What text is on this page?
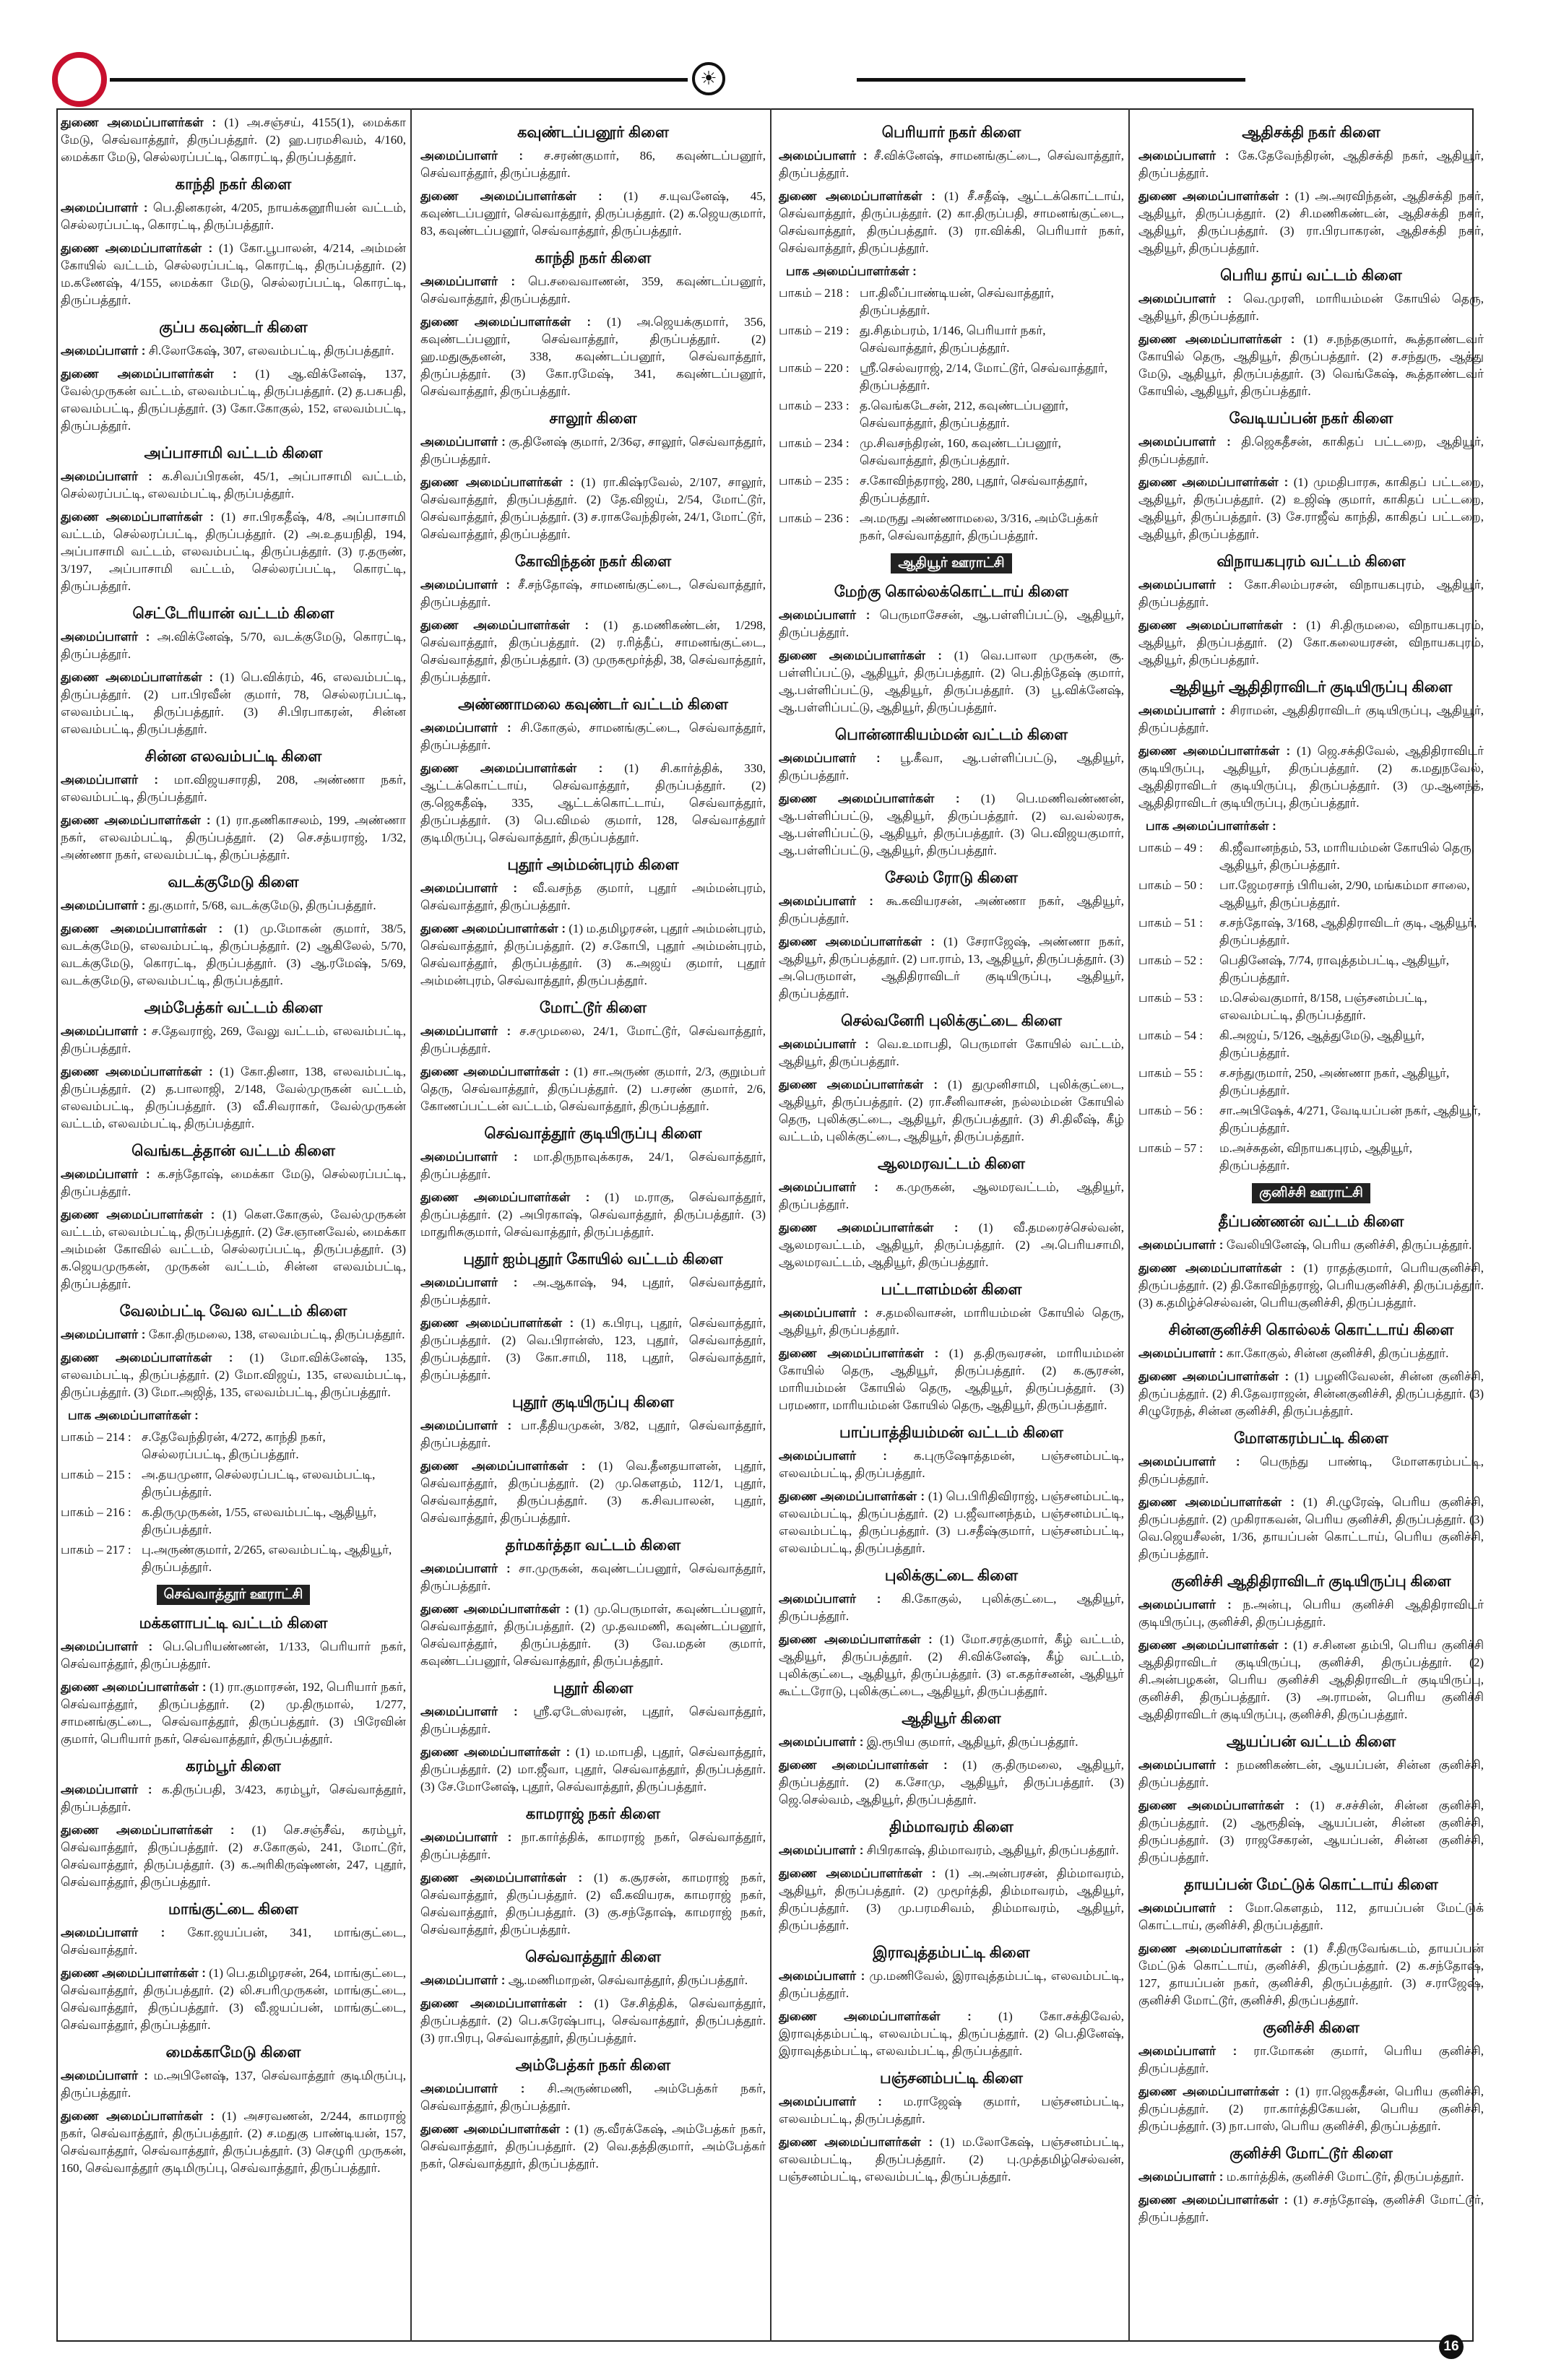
☀
துணை அமைப்பாளர்கள் : (1) அ.சஞ்சய், 4155(1), மைக்கா மேடு, செவ்வாத்தூர், திருப்பத்தூர். (2) ஹ.பரமசிவம், 4/160, மைக்கா மேடு, செல்லரப்பட்டி, கொரட்டி, திருப்பத்தூர்.
காந்தி நகர் கிளை
அமைப்பாளர் : பெ.தினகரன், 4/205, நாயக்கனூரியன் வட்டம், செல்லரப்பட்டி, கொரட்டி, திருப்பத்தூர்.
துணை அமைப்பாளர்கள் : (1) கோ.பூபாலன், 4/214, அம்மன் கோயில் வட்டம், செல்லரப்பட்டி, கொரட்டி, திருப்பத்தூர். (2) ம.கணேஷ், 4/155, மைக்கா மேடு, செல்லரப்பட்டி, கொரட்டி, திருப்பத்தூர்.
குப்ப கவுண்டர் கிளை
அமைப்பாளர் : சி.லோகேஷ், 307, எலவம்பட்டி, திருப்பத்தூர்.
துணை அமைப்பாளர்கள் : (1) ஆ.விக்னேஷ், 137, வேல்முருகன் வட்டம், எலவம்பட்டி, திருப்பத்தூர். (2) த.பசுபதி, எலவம்பட்டி, திருப்பத்தூர். (3) கோ.கோகுல், 152, எலவம்பட்டி, திருப்பத்தூர்.
அப்பாசாமி வட்டம் கிளை
அமைப்பாளர் : க.சிவப்பிரகன், 45/1, அப்பாசாமி வட்டம், செல்லரப்பட்டி, எலவம்பட்டி, திருப்பத்தூர்.
துணை அமைப்பாளர்கள் : (1) சா.பிரகதீஷ், 4/8, அப்பாசாமி வட்டம், செல்லரப்பட்டி, திருப்பத்தூர். (2) அ.உதயநிதி, 194, அப்பாசாமி வட்டம், எலவம்பட்டி, திருப்பத்தூர். (3) ர.தருண், 3/197, அப்பாசாமி வட்டம், செல்லரப்பட்டி, கொரட்டி, திருப்பத்தூர்.
செட்டேரியான் வட்டம் கிளை
அமைப்பாளர் : அ.விக்னேஷ், 5/70, வடக்குமேடு, கொரட்டி, திருப்பத்தூர்.
துணை அமைப்பாளர்கள் : (1) பெ.விக்ரம், 46, எலவம்பட்டி, திருப்பத்தூர். (2) பா.பிரவீன் குமார், 78, செல்லரப்பட்டி, எலவம்பட்டி, திருப்பத்தூர். (3) சி.பிரபாகரன், சின்ன எலவம்பட்டி, திருப்பத்தூர்.
சின்ன எலவம்பட்டி கிளை
அமைப்பாளர் : மா.விஜயசாரதி, 208, அண்ணா நகர், எலவம்பட்டி, திருப்பத்தூர்.
துணை அமைப்பாளர்கள் : (1) ரா.தணிகாசலம், 199, அண்ணா நகர், எலவம்பட்டி, திருப்பத்தூர். (2) செ.சத்யராஜ், 1/32, அண்ணா நகர், எலவம்பட்டி, திருப்பத்தூர்.
வடக்குமேடு கிளை
அமைப்பாளர் : து.குமார், 5/68, வடக்குமேடு, திருப்பத்தூர்.
துணை அமைப்பாளர்கள் : (1) மு.மோகன் குமார், 38/5, வடக்குமேடு, எலவம்பட்டி, திருப்பத்தூர். (2) ஆகிலேல், 5/70, வடக்குமேடு, கொரட்டி, திருப்பத்தூர். (3) ஆ.ரமேஷ், 5/69, வடக்குமேடு, எலவம்பட்டி, திருப்பத்தூர்.
அம்பேத்கர் வட்டம் கிளை
அமைப்பாளர் : ச.தேவராஜ், 269, வேலு வட்டம், எலவம்பட்டி, திருப்பத்தூர்.
துணை அமைப்பாளர்கள் : (1) கோ.தினா, 138, எலவம்பட்டி, திருப்பத்தூர். (2) த.பாலாஜி, 2/148, வேல்முருகன் வட்டம், எலவம்பட்டி, திருப்பத்தூர். (3) வீ.சிவராகர், வேல்முருகன் வட்டம், எலவம்பட்டி, திருப்பத்தூர்.
வெங்கடத்தான் வட்டம் கிளை
அமைப்பாளர் : க.சந்தோஷ், மைக்கா மேடு, செல்லரப்பட்டி, திருப்பத்தூர்.
துணை அமைப்பாளர்கள் : (1) கௌ.கோகுல், வேல்முருகன் வட்டம், எலவம்பட்டி, திருப்பத்தூர். (2) சே.ஞானவேல், மைக்கா அம்மன் கோவில் வட்டம், செல்லரப்பட்டி, திருப்பத்தூர். (3) க.ஜெயமுருகன், முருகன் வட்டம், சின்ன எலவம்பட்டி, திருப்பத்தூர்.
வேலம்பட்டி வேல வட்டம் கிளை
அமைப்பாளர் : கோ.திருமலை, 138, எலவம்பட்டி, திருப்பத்தூர்.
துணை அமைப்பாளர்கள் : (1) மோ.விக்னேஷ், 135, எலவம்பட்டி, திருப்பத்தூர். (2) மோ.விஜய், 135, எலவம்பட்டி, திருப்பத்தூர். (3) மோ.அஜித், 135, எலவம்பட்டி, திருப்பத்தூர்.
பாக அமைப்பாளர்கள் :
பாகம் – 214 : ச.தேவேந்திரன், 4/272, காந்தி நகர், செல்லரப்பட்டி, திருப்பத்தூர்.
பாகம் – 215 : அ.தயமுனா, செல்லரப்பட்டி, எலவம்பட்டி, திருப்பத்தூர்.
பாகம் – 216 : க.திருமுருகன், 1/55, எலவம்பட்டி, ஆதியூர், திருப்பத்தூர்.
பாகம் – 217 : பு.அருண்குமார், 2/265, எலவம்பட்டி, ஆதியூர், திருப்பத்தூர்.
செவ்வாத்தூர் ஊராட்சி
மக்களாபட்டி வட்டம் கிளை
அமைப்பாளர் : பெ.பெரியண்ணன், 1/133, பெரியார் நகர், செவ்வாத்தூர், திருப்பத்தூர்.
துணை அமைப்பாளர்கள் : (1) ரா.குமாரசன், 192, பெரியார் நகர், செவ்வாத்தூர், திருப்பத்தூர். (2) மு.திருமால், 1/277, சாமனங்குட்டை, செவ்வாத்தூர், திருப்பத்தூர். (3) பிரேவின் குமார், பெரியார் நகர், செவ்வாத்தூர், திருப்பத்தூர்.
கரம்பூர் கிளை
அமைப்பாளர் : க.திருப்பதி, 3/423, கரம்பூர், செவ்வாத்தூர், திருப்பத்தூர்.
துணை அமைப்பாளர்கள் : (1) செ.சஞ்சீவ், கரம்பூர், செவ்வாத்தூர், திருப்பத்தூர். (2) ச.கோகுல், 241, மோட்டூர், செவ்வாத்தூர், திருப்பத்தூர். (3) க.அரிகிருஷ்ணன், 247, புதூர், செவ்வாத்தூர், திருப்பத்தூர்.
மாங்குட்டை கிளை
அமைப்பாளர் : கோ.ஜயப்பன், 341, மாங்குட்டை, செவ்வாத்தூர்.
துணை அமைப்பாளர்கள் : (1) பெ.தமிழரசன், 264, மாங்குட்டை, செவ்வாத்தூர், திருப்பத்தூர். (2) லி.சபரிமுருகன், மாங்குட்டை, செவ்வாத்தூர், திருப்பத்தூர். (3) வீ.ஜயப்பன், மாங்குட்டை, செவ்வாத்தூர், திருப்பத்தூர்.
மைக்காமேடு கிளை
அமைப்பாளர் : ம.அபினேஷ், 137, செவ்வாத்தூர் குடிமிருப்பு, திருப்பத்தூர்.
துணை அமைப்பாளர்கள் : (1) அசரவணன், 2/244, காமராஜ் நகர், செவ்வாத்தூர், திருப்பத்தூர். (2) ச.மதுகு பாண்டியன், 157, செவ்வாத்தூர், செவ்வாத்தூர், திருப்பத்தூர். (3) செழுரி முருகன், 160, செவ்வாத்தூர் குடிமிருப்பு, செவ்வாத்தூர், திருப்பத்தூர்.
கவுண்டப்பனூர் கிளை
அமைப்பாளர் : ச.சரண்குமார், 86, கவுண்டப்பனூர், செவ்வாத்தூர், திருப்பத்தூர்.
துணை அமைப்பாளர்கள் : (1) ச.யுவனேஷ், 45, கவுண்டப்பனூர், செவ்வாத்தூர், திருப்பத்தூர். (2) க.ஜெயகுமார், 83, கவுண்டப்பனூர், செவ்வாத்தூர், திருப்பத்தூர்.
காந்தி நகர் கிளை
அமைப்பாளர் : பெ.சவைவாணன், 359, கவுண்டப்பனூர், செவ்வாத்தூர், திருப்பத்தூர்.
துணை அமைப்பாளர்கள் : (1) அ.ஜெயக்குமார், 356, கவுண்டப்பனூர், செவ்வாத்தூர், திருப்பத்தூர். (2) ஹ.மதுசூதனன், 338, கவுண்டப்பனூர், செவ்வாத்தூர், திருப்பத்தூர். (3) கோ.ரமேஷ், 341, கவுண்டப்பனூர், செவ்வாத்தூர், திருப்பத்தூர்.
சாலூர் கிளை
அமைப்பாளர் : கு.தினேஷ் குமார், 2/36ஏ, சாலூர், செவ்வாத்தூர், திருப்பத்தூர்.
துணை அமைப்பாளர்கள் : (1) ரா.கிஷ்ரவேல், 2/107, சாலூர், செவ்வாத்தூர், திருப்பத்தூர். (2) தே.விஜய், 2/54, மோட்டூர், செவ்வாத்தூர், திருப்பத்தூர். (3) ச.ராகவேந்திரன், 24/1, மோட்டூர், செவ்வாத்தூர், திருப்பத்தூர்.
கோவிந்தன் நகர் கிளை
அமைப்பாளர் : சீ.சந்தோஷ், சாமனங்குட்டை, செவ்வாத்தூர், திருப்பத்தூர்.
துணை அமைப்பாளர்கள் : (1) த.மணிகண்டன், 1/298, செவ்வாத்தூர், திருப்பத்தூர். (2) ர.ரித்தீப், சாமனங்குட்டை, செவ்வாத்தூர், திருப்பத்தூர். (3) முருகமூர்த்தி, 38, செவ்வாத்தூர், திருப்பத்தூர்.
அண்ணாமலை கவுண்டர் வட்டம் கிளை
அமைப்பாளர் : சி.கோகுல், சாமனங்குட்டை, செவ்வாத்தூர், திருப்பத்தூர்.
துணை அமைப்பாளர்கள் : (1) சி.கார்த்திக், 330, ஆட்டக்கொட்டாய், செவ்வாத்தூர், திருப்பத்தூர். (2) கு.ஜெகதீஷ், 335, ஆட்டக்கொட்டாய், செவ்வாத்தூர், திருப்பத்தூர். (3) பெ.விமல் குமார், 128, செவ்வாத்தூர் குடிமிருப்பு, செவ்வாத்தூர், திருப்பத்தூர்.
புதூர் அம்மன்புரம் கிளை
அமைப்பாளர் : வீ.வசந்த குமார், புதூர் அம்மன்புரம், செவ்வாத்தூர், திருப்பத்தூர்.
துணை அமைப்பாளர்கள் : (1) ம.தமிழரசன், புதூர் அம்மன்புரம், செவ்வாத்தூர், திருப்பத்தூர். (2) ச.கோபி, புதூர் அம்மன்புரம், செவ்வாத்தூர், திருப்பத்தூர். (3) க.அஜய் குமார், புதூர் அம்மன்புரம், செவ்வாத்தூர், திருப்பத்தூர்.
மோட்டூர் கிளை
அமைப்பாளர் : ச.சமுமலை, 24/1, மோட்டூர், செவ்வாத்தூர், திருப்பத்தூர்.
துணை அமைப்பாளர்கள் : (1) சா.அருண் குமார், 2/3, குறும்பர் தெரு, செவ்வாத்தூர், திருப்பத்தூர். (2) ப.சரண் குமார், 2/6, கோணப்பட்டன் வட்டம், செவ்வாத்தூர், திருப்பத்தூர்.
செவ்வாத்தூர் குடியிருப்பு கிளை
அமைப்பாளர் : மா.திருநாவுக்கரசு, 24/1, செவ்வாத்தூர், திருப்பத்தூர்.
துணை அமைப்பாளர்கள் : (1) ம.ராகு, செவ்வாத்தூர், திருப்பத்தூர். (2) அபிரகாஷ், செவ்வாத்தூர், திருப்பத்தூர். (3) மாதுரிசுகுமார், செவ்வாத்தூர், திருப்பத்தூர்.
புதூர் ஐம்புதூர் கோயில் வட்டம் கிளை
அமைப்பாளர் : அ.ஆகாஷ், 94, புதூர், செவ்வாத்தூர், திருப்பத்தூர்.
துணை அமைப்பாளர்கள் : (1) க.பிரபு, புதூர், செவ்வாத்தூர், திருப்பத்தூர். (2) வெ.பிரான்ஸ், 123, புதூர், செவ்வாத்தூர், திருப்பத்தூர். (3) கோ.சாமி, 118, புதூர், செவ்வாத்தூர், திருப்பத்தூர்.
புதூர் குடியிருப்பு கிளை
அமைப்பாளர் : பா.தீதியமுகன், 3/82, புதூர், செவ்வாத்தூர், திருப்பத்தூர்.
துணை அமைப்பாளர்கள் : (1) வெ.தீனதயாளன், புதூர், செவ்வாத்தூர், திருப்பத்தூர். (2) மு.கௌதம், 112/1, புதூர், செவ்வாத்தூர், திருப்பத்தூர். (3) க.சிவபாலன், புதூர், செவ்வாத்தூர், திருப்பத்தூர்.
தர்மகர்த்தா வட்டம் கிளை
அமைப்பாளர் : சா.முருகன், கவுண்டப்பனூர், செவ்வாத்தூர், திருப்பத்தூர்.
துணை அமைப்பாளர்கள் : (1) மு.பெருமாள், கவுண்டப்பனூர், செவ்வாத்தூர், திருப்பத்தூர். (2) மு.தவமணி, கவுண்டப்பனூர், செவ்வாத்தூர், திருப்பத்தூர். (3) வே.மதன் குமார், கவுண்டப்பனூர், செவ்வாத்தூர், திருப்பத்தூர்.
புதூர் கிளை
அமைப்பாளர் : ஸ்ரீ.ஏடேஸ்வரன், புதூர், செவ்வாத்தூர், திருப்பத்தூர்.
துணை அமைப்பாளர்கள் : (1) ம.மாபதி, புதூர், செவ்வாத்தூர், திருப்பத்தூர். (2) மா.ஜீவா, புதூர், செவ்வாத்தூர், திருப்பத்தூர். (3) சே.மோனேஷ், புதூர், செவ்வாத்தூர், திருப்பத்தூர்.
காமராஜ் நகர் கிளை
அமைப்பாளர் : நா.கார்த்திக், காமராஜ் நகர், செவ்வாத்தூர், திருப்பத்தூர்.
துணை அமைப்பாளர்கள் : (1) க.சூரசன், காமராஜ் நகர், செவ்வாத்தூர், திருப்பத்தூர். (2) வீ.கவியரசு, காமராஜ் நகர், செவ்வாத்தூர், திருப்பத்தூர். (3) கு.சந்தோஷ், காமராஜ் நகர், செவ்வாத்தூர், திருப்பத்தூர்.
செவ்வாத்தூர் கிளை
அமைப்பாளர் : ஆ.மணிமாறன், செவ்வாத்தூர், திருப்பத்தூர்.
துணை அமைப்பாளர்கள் : (1) சே.சித்திக், செவ்வாத்தூர், திருப்பத்தூர். (2) பெ.சுரேஷ்பாபு, செவ்வாத்தூர், திருப்பத்தூர். (3) ரா.பிரபு, செவ்வாத்தூர், திருப்பத்தூர்.
அம்பேத்கர் நகர் கிளை
அமைப்பாளர் : சி.அருண்மணி, அம்பேத்கர் நகர், செவ்வாத்தூர், திருப்பத்தூர்.
துணை அமைப்பாளர்கள் : (1) கு.வீரக்கேஷ், அம்பேத்கர் நகர், செவ்வாத்தூர், திருப்பத்தூர். (2) வெ.தத்திகுமார், அம்பேத்கர் நகர், செவ்வாத்தூர், திருப்பத்தூர்.
பெரியார் நகர் கிளை
அமைப்பாளர் : சீ.விக்னேஷ், சாமனங்குட்டை, செவ்வாத்தூர், திருப்பத்தூர்.
துணை அமைப்பாளர்கள் : (1) சீ.சதீஷ், ஆட்டக்கொட்டாய், செவ்வாத்தூர், திருப்பத்தூர். (2) கா.திருப்பதி, சாமனங்குட்டை, செவ்வாத்தூர், திருப்பத்தூர். (3) ரா.விக்கி, பெரியார் நகர், செவ்வாத்தூர், திருப்பத்தூர்.
பாக அமைப்பாளர்கள் :
பாகம் – 218 : பா.திலீப்பாண்டியன், செவ்வாத்தூர், திருப்பத்தூர்.
பாகம் – 219 : து.சிதம்பரம், 1/146, பெரியார் நகர், செவ்வாத்தூர், திருப்பத்தூர்.
பாகம் – 220 : ஸ்ரீ.செல்வராஜ், 2/14, மோட்டூர், செவ்வாத்தூர், திருப்பத்தூர்.
பாகம் – 233 : த.வெங்கடேசன், 212, கவுண்டப்பனூர், செவ்வாத்தூர், திருப்பத்தூர்.
பாகம் – 234 : மு.சிவசந்திரன், 160, கவுண்டப்பனூர், செவ்வாத்தூர், திருப்பத்தூர்.
பாகம் – 235 : ச.கோவிந்தராஜ், 280, புதூர், செவ்வாத்தூர், திருப்பத்தூர்.
பாகம் – 236 : அ.மருது அண்ணாமலை, 3/316, அம்பேத்கர் நகர், செவ்வாத்தூர், திருப்பத்தூர்.
ஆதியூர் ஊராட்சி
மேற்கு கொல்லக்கொட்டாய் கிளை
அமைப்பாளர் : பெருமாசேசன், ஆ.பள்ளிப்பட்டு, ஆதியூர், திருப்பத்தூர்.
துணை அமைப்பாளர்கள் : (1) வெ.பாலா முருகன், சூ. பள்ளிப்பட்டு, ஆதியூர், திருப்பத்தூர். (2) பெ.திந்தேஷ் குமார், ஆ.பள்ளிப்பட்டு, ஆதியூர், திருப்பத்தூர். (3) பூ.விக்னேஷ், ஆ.பள்ளிப்பட்டு, ஆதியூர், திருப்பத்தூர்.
பொன்னாகியம்மன் வட்டம் கிளை
அமைப்பாளர் : பூ.கீவா, ஆ.பள்ளிப்பட்டு, ஆதியூர், திருப்பத்தூர்.
துணை அமைப்பாளர்கள் : (1) பெ.மணிவண்ணன், ஆ.பள்ளிப்பட்டு, ஆதியூர், திருப்பத்தூர். (2) வ.வல்லரசு, ஆ.பள்ளிப்பட்டு, ஆதியூர், திருப்பத்தூர். (3) பெ.விஜயகுமார், ஆ.பள்ளிப்பட்டு, ஆதியூர், திருப்பத்தூர்.
சேலம் ரோடு கிளை
அமைப்பாளர் : கூ.கவியரசன், அண்ணா நகர், ஆதியூர், திருப்பத்தூர்.
துணை அமைப்பாளர்கள் : (1) சேராஜேஷ், அண்ணா நகர், ஆதியூர், திருப்பத்தூர். (2) பா.ராம், 13, ஆதியூர், திருப்பத்தூர். (3) அ.பெருமாள், ஆதிதிராவிடர் குடியிருப்பு, ஆதியூர், திருப்பத்தூர்.
செல்வனேரி புலிக்குட்டை கிளை
அமைப்பாளர் : வெ.உமாபதி, பெருமாள் கோயில் வட்டம், ஆதியூர், திருப்பத்தூர்.
துணை அமைப்பாளர்கள் : (1) துமுனிசாமி, புலிக்குட்டை, ஆதியூர், திருப்பத்தூர். (2) ரா.சீனிவாசன், நல்லம்மன் கோயில் தெரு, புலிக்குட்டை, ஆதியூர், திருப்பத்தூர். (3) சி.திலீஷ், கீழ் வட்டம், புலிக்குட்டை, ஆதியூர், திருப்பத்தூர்.
ஆலமரவட்டம் கிளை
அமைப்பாளர் : க.முருகன், ஆலமரவட்டம், ஆதியூர், திருப்பத்தூர்.
துணை அமைப்பாளர்கள் : (1) வீ.தமரைச்செல்வன், ஆலமரவட்டம், ஆதியூர், திருப்பத்தூர். (2) அ.பெரியசாமி, ஆலமரவட்டம், ஆதியூர், திருப்பத்தூர்.
பட்டாளம்மன் கிளை
அமைப்பாளர் : ச.தமலிவாசன், மாரியம்மன் கோயில் தெரு, ஆதியூர், திருப்பத்தூர்.
துணை அமைப்பாளர்கள் : (1) த.திருவரசன், மாரியம்மன் கோயில் தெரு, ஆதியூர், திருப்பத்தூர். (2) க.சூரசன், மாரியம்மன் கோயில் தெரு, ஆதியூர், திருப்பத்தூர். (3) பரமணா, மாரியம்மன் கோயில் தெரு, ஆதியூர், திருப்பத்தூர்.
பாப்பாத்தியம்மன் வட்டம் கிளை
அமைப்பாளர் : க.புருஷோத்தமன், பஞ்சனம்பட்டி, எலவம்பட்டி, திருப்பத்தூர்.
துணை அமைப்பாளர்கள் : (1) பெ.பிரிதிவிராஜ், பஞ்சனம்பட்டி, எலவம்பட்டி, திருப்பத்தூர். (2) ப.ஜீவானந்தம், பஞ்சனம்பட்டி, எலவம்பட்டி, திருப்பத்தூர். (3) ப.சதீஷ்குமார், பஞ்சனம்பட்டி, எலவம்பட்டி, திருப்பத்தூர்.
புலிக்குட்டை கிளை
அமைப்பாளர் : கி.கோகுல், புலிக்குட்டை, ஆதியூர், திருப்பத்தூர்.
துணை அமைப்பாளர்கள் : (1) மோ.சரத்குமார், கீழ் வட்டம், ஆதியூர், திருப்பத்தூர். (2) சி.விக்னேஷ், கீழ் வட்டம், புலிக்குட்டை, ஆதியூர், திருப்பத்தூர். (3) எ.கதர்சனன், ஆதியூர் கூட்டரோடு, புலிக்குட்டை, ஆதியூர், திருப்பத்தூர்.
ஆதியூர் கிளை
அமைப்பாளர் : இ.ரூபிய குமார், ஆதியூர், திருப்பத்தூர்.
துணை அமைப்பாளர்கள் : (1) கு.திருமலை, ஆதியூர், திருப்பத்தூர். (2) க.சோமு, ஆதியூர், திருப்பத்தூர். (3) ஜெ.செல்வம், ஆதியூர், திருப்பத்தூர்.
திம்மாவரம் கிளை
அமைப்பாளர் : சிபிரகாஷ், திம்மாவரம், ஆதியூர், திருப்பத்தூர்.
துணை அமைப்பாளர்கள் : (1) அ.அன்பரசன், திம்மாவரம், ஆதியூர், திருப்பத்தூர். (2) முமூர்த்தி, திம்மாவரம், ஆதியூர், திருப்பத்தூர். (3) மு.பரமசிவம், திம்மாவரம், ஆதியூர், திருப்பத்தூர்.
இராவுத்தம்பட்டி கிளை
அமைப்பாளர் : மு.மணிவேல், இராவுத்தம்பட்டி, எலவம்பட்டி, திருப்பத்தூர்.
துணை அமைப்பாளர்கள் : (1) கோ.சக்திவேல், இராவுத்தம்பட்டி, எலவம்பட்டி, திருப்பத்தூர். (2) பெ.தினேஷ், இராவுத்தம்பட்டி, எலவம்பட்டி, திருப்பத்தூர்.
பஞ்சனம்பட்டி கிளை
அமைப்பாளர் : ம.ராஜேஷ் குமார், பஞ்சனம்பட்டி, எலவம்பட்டி, திருப்பத்தூர்.
துணை அமைப்பாளர்கள் : (1) ம.லோகேஷ், பஞ்சனம்பட்டி, எலவம்பட்டி, திருப்பத்தூர். (2) பு.முத்தமிழ்செல்வன், பஞ்சனம்பட்டி, எலவம்பட்டி, திருப்பத்தூர்.
ஆதிசக்தி நகர் கிளை
அமைப்பாளர் : கே.தேவேந்திரன், ஆதிசக்தி நகர், ஆதியூர், திருப்பத்தூர்.
துணை அமைப்பாளர்கள் : (1) அ.அரவிந்தன், ஆதிசக்தி நகர், ஆதியூர், திருப்பத்தூர். (2) சி.மணிகண்டன், ஆதிசக்தி நகர், ஆதியூர், திருப்பத்தூர். (3) ரா.பிரபாகரன், ஆதிசக்தி நகர், ஆதியூர், திருப்பத்தூர்.
பெரிய தாய் வட்டம் கிளை
அமைப்பாளர் : வெ.முரளி, மாரியம்மன் கோயில் தெரு, ஆதியூர், திருப்பத்தூர்.
துணை அமைப்பாளர்கள் : (1) ச.நந்தகுமார், கூத்தாண்டவர் கோயில் தெரு, ஆதியூர், திருப்பத்தூர். (2) ச.சந்துரு, ஆத்து மேடு, ஆதியூர், திருப்பத்தூர். (3) வெங்கேஷ், கூத்தாண்டவர் கோயில், ஆதியூர், திருப்பத்தூர்.
வேடியப்பன் நகர் கிளை
அமைப்பாளர் : தி.ஜெகதீசன், காகிதப் பட்டறை, ஆதியூர், திருப்பத்தூர்.
துணை அமைப்பாளர்கள் : (1) முமதிபாரசு, காகிதப் பட்டறை, ஆதியூர், திருப்பத்தூர். (2) உஜிஷ் குமார், காகிதப் பட்டறை, ஆதியூர், திருப்பத்தூர். (3) சே.ராஜீவ் காந்தி, காகிதப் பட்டறை, ஆதியூர், திருப்பத்தூர்.
விநாயகபுரம் வட்டம் கிளை
அமைப்பாளர் : கோ.சிலம்பரசன், விநாயகபுரம், ஆதியூர், திருப்பத்தூர்.
துணை அமைப்பாளர்கள் : (1) சி.திருமலை, விநாயகபுரம், ஆதியூர், திருப்பத்தூர். (2) கோ.கலையரசன், விநாயகபுரம், ஆதியூர், திருப்பத்தூர்.
ஆதியூர் ஆதிதிராவிடர் குடியிருப்பு கிளை
அமைப்பாளர் : சிராமன், ஆதிதிராவிடர் குடியிருப்பு, ஆதியூர், திருப்பத்தூர்.
துணை அமைப்பாளர்கள் : (1) ஜெ.சக்திவேல், ஆதிதிராவிடர் குடியிருப்பு, ஆதியூர், திருப்பத்தூர். (2) க.மதுநவேல், ஆதிதிராவிடர் குடியிருப்பு, திருப்பத்தூர். (3) மு.ஆனந்த், ஆதிதிராவிடர் குடியிருப்பு, திருப்பத்தூர்.
பாக அமைப்பாளர்கள் :
பாகம் – 49 :	கி.ஜீவானந்தம், 53, மாரியம்மன் கோயில் தெரு, ஆதியூர், திருப்பத்தூர்.
பாகம் – 50 :	பா.ஜேமரசாந் பிரியன், 2/90, மங்கம்மா சாலை, ஆதியூர், திருப்பத்தூர்.
பாகம் – 51 :	ச.சந்தோஷ், 3/168, ஆதிதிராவிடர் குடி, ஆதியூர், திருப்பத்தூர்.
பாகம் – 52 :	பெதினேஷ், 7/74, ராவுத்தம்பட்டி, ஆதியூர், திருப்பத்தூர்.
பாகம் – 53 :	ம.செல்வகுமார், 8/158, பஞ்சனம்பட்டி, எலவம்பட்டி, திருப்பத்தூர்.
பாகம் – 54 :	கி.அஜய், 5/126, ஆத்துமேடு, ஆதியூர், திருப்பத்தூர்.
பாகம் – 55 :	ச.சந்துருமார், 250, அண்ணா நகர், ஆதியூர், திருப்பத்தூர்.
பாகம் – 56 :	சா.அபிஷேக், 4/271, வேடியப்பன் நகர், ஆதியூர், திருப்பத்தூர்.
பாகம் – 57 :	ம.அச்சுதன், விநாயகபுரம், ஆதியூர், திருப்பத்தூர்.
குனிச்சி ஊராட்சி
தீப்பண்ணன் வட்டம் கிளை
அமைப்பாளர் : வேலியினேஷ், பெரிய குனிச்சி, திருப்பத்தூர்.
துணை அமைப்பாளர்கள் : (1) ராதத்குமார், பெரியகுனிச்சி, திருப்பத்தூர். (2) தி.கோவிந்தராஜ், பெரியகுனிச்சி, திருப்பத்தூர். (3) க.தமிழ்ச்செல்வன், பெரியகுனிச்சி, திருப்பத்தூர்.
சின்னகுனிச்சி கொல்லக் கொட்டாய் கிளை
அமைப்பாளர் : கா.கோகுல், சின்ன குனிச்சி, திருப்பத்தூர்.
துணை அமைப்பாளர்கள் : (1) பழனிவேலன், சின்ன குனிச்சி, திருப்பத்தூர். (2) சி.தேவராஜன், சின்னகுனிச்சி, திருப்பத்தூர். (3) சிழுரேநத், சின்ன குனிச்சி, திருப்பத்தூர்.
மோளகரம்பட்டி கிளை
அமைப்பாளர் : பெருந்து பாண்டி, மோளகரம்பட்டி, திருப்பத்தூர்.
துணை அமைப்பாளர்கள் : (1) சி.ழுரேஷ், பெரிய குனிச்சி, திருப்பத்தூர். (2) முகிராகவன், பெரிய குனிச்சி, திருப்பத்தூர். (3) வெ.ஜெயசீலன், 1/36, தாயப்பன் கொட்டாய், பெரிய குனிச்சி, திருப்பத்தூர்.
குனிச்சி ஆதிதிராவிடர் குடியிருப்பு கிளை
அமைப்பாளர் : ந.அன்பு, பெரிய குனிச்சி ஆதிதிராவிடர் குடியிருப்பு, குனிச்சி, திருப்பத்தூர்.
துணை அமைப்பாளர்கள் : (1) ச.சினன தம்பி, பெரிய குனிச்சி ஆதிதிராவிடர் குடியிருப்பு, குனிச்சி, திருப்பத்தூர். (2) சி.அன்பழகன், பெரிய குனிச்சி ஆதிதிராவிடர் குடியிருப்பு, குனிச்சி, திருப்பத்தூர். (3) அ.ராமன், பெரிய குனிச்சி ஆதிதிராவிடர் குடியிருப்பு, குனிச்சி, திருப்பத்தூர்.
ஆயப்பன் வட்டம் கிளை
அமைப்பாளர் : நமணிகண்டன், ஆயப்பன், சின்ன குனிச்சி, திருப்பத்தூர்.
துணை அமைப்பாளர்கள் : (1) ச.சச்சின், சின்ன குனிச்சி, திருப்பத்தூர். (2) ஆரூதிஷ், ஆயப்பன், சின்ன குனிச்சி, திருப்பத்தூர். (3) ராஜசேகரன், ஆயப்பன், சின்ன குனிச்சி, திருப்பத்தூர்.
தாயப்பன் மேட்டுக் கொட்டாய் கிளை
அமைப்பாளர் : மோ.கௌதம், 112, தாயப்பன் மேட்டுக் கொட்டாய், குனிச்சி, திருப்பத்தூர்.
துணை அமைப்பாளர்கள் : (1) சீ.திருவேங்கடம், தாயப்பன் மேட்டுக் கொட்டாய், குனிச்சி, திருப்பத்தூர். (2) க.சந்தோஷ், 127, தாயப்பன் நகர், குனிச்சி, திருப்பத்தூர். (3) ச.ராஜேஷ், குனிச்சி மோட்டூர், குனிச்சி, திருப்பத்தூர்.
குனிச்சி கிளை
அமைப்பாளர் : ரா.மோகன் குமார், பெரிய குனிச்சி, திருப்பத்தூர்.
துணை அமைப்பாளர்கள் : (1) ரா.ஜெகதீசன், பெரிய குனிச்சி, திருப்பத்தூர். (2) ரா.கார்த்திகேயன், பெரிய குனிச்சி, திருப்பத்தூர். (3) நா.பாஸ், பெரிய குனிச்சி, திருப்பத்தூர்.
குனிச்சி மோட்டூர் கிளை
அமைப்பாளர் : ம.கார்த்திக், குனிச்சி மோட்டூர், திருப்பத்தூர்.
துணை அமைப்பாளர்கள் : (1) ச.சந்தோஷ், குனிச்சி மோட்டூர், திருப்பத்தூர்.
16
